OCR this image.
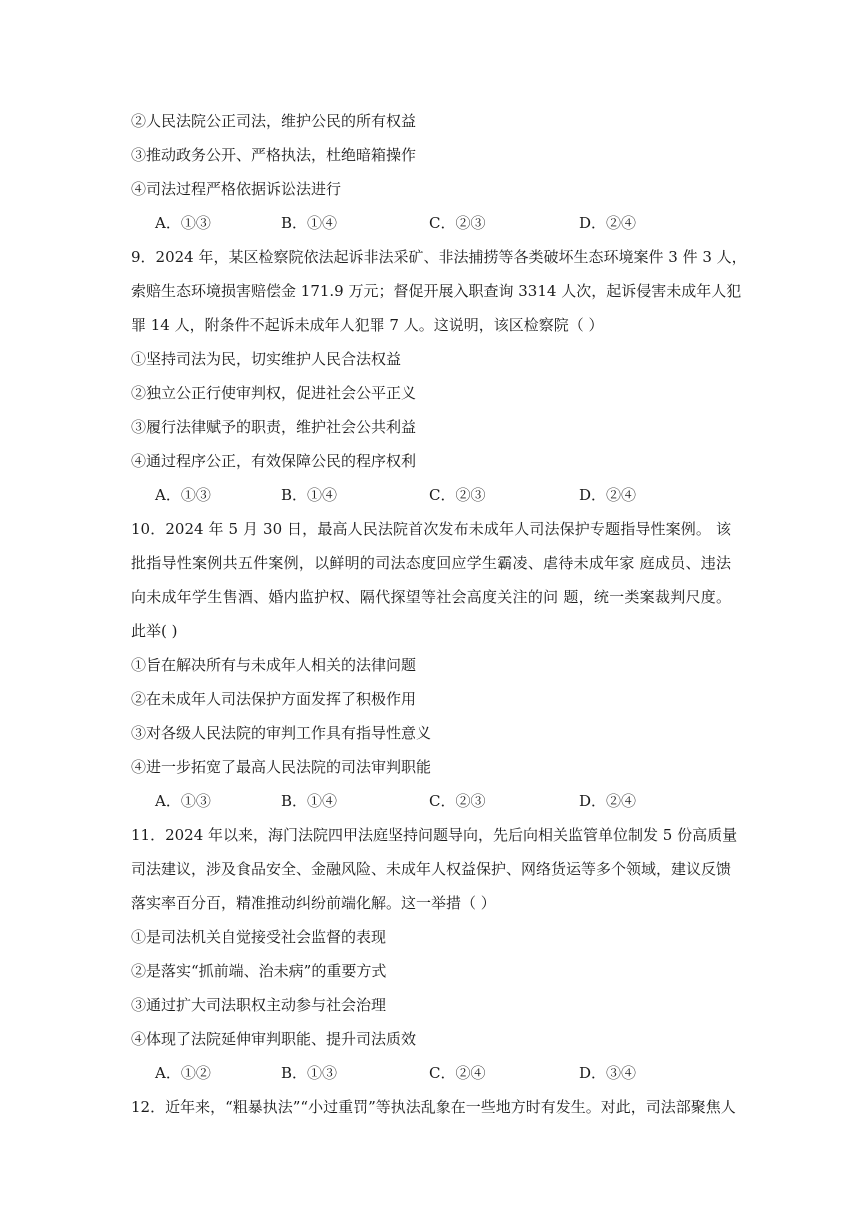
②人民法院公正司法，维护公民的所有权益
③推动政务公开、严格执法，杜绝暗箱操作
④司法过程严格依据诉讼法进行
A．①③	B．①④	C．②③	D．②④
9．2024 年，某区检察院依法起诉非法采矿、非法捕捞等各类破坏生态环境案件 3 件 3 人，
索赔生态环境损害赔偿金 171.9 万元；督促开展入职查询 3314 人次，起诉侵害未成年人犯
罪 14 人，附条件不起诉未成年人犯罪 7 人。这说明，该区检察院（ ）
①坚持司法为民，切实维护人民合法权益
②独立公正行使审判权，促进社会公平正义
③履行法律赋予的职责，维护社会公共利益
④通过程序公正，有效保障公民的程序权利
A．①③	B．①④	C．②③	D．②④
10．2024 年 5 月 30 日，最高人民法院首次发布未成年人司法保护专题指导性案例。 该
批指导性案例共五件案例，以鲜明的司法态度回应学生霸凌、虐待未成年家 庭成员、违法
向未成年学生售酒、婚内监护权、隔代探望等社会高度关注的问 题，统一类案裁判尺度。
此举( )
①旨在解决所有与未成年人相关的法律问题
②在未成年人司法保护方面发挥了积极作用
③对各级人民法院的审判工作具有指导性意义
④进一步拓宽了最高人民法院的司法审判职能
A．①③	B．①④	C．②③	D．②④
11．2024 年以来，海门法院四甲法庭坚持问题导向，先后向相关监管单位制发 5 份高质量
司法建议，涉及食品安全、金融风险、未成年人权益保护、网络货运等多个领域，建议反馈
落实率百分百，精准推动纠纷前端化解。这一举措（ ）
①是司法机关自觉接受社会监督的表现
②是落实“抓前端、治未病”的重要方式
③通过扩大司法职权主动参与社会治理
④体现了法院延伸审判职能、提升司法质效
A．①②	B．①③	C．②④	D．③④
12．近年来，“粗暴执法”“小过重罚”等执法乱象在一些地方时有发生。对此，司法部聚焦人
